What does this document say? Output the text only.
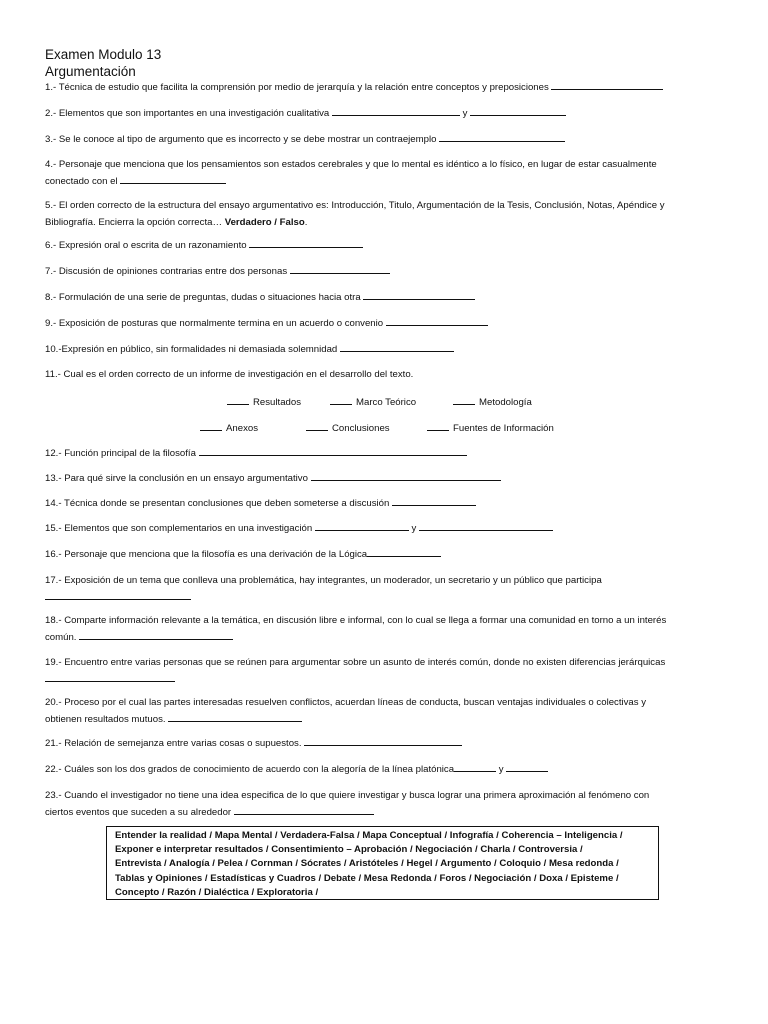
Examen Modulo 13
Argumentación
1.- Técnica de estudio que facilita la comprensión por medio de jerarquía y la relación entre conceptos y preposiciones
2.- Elementos que son importantes en una investigación cualitativa	y
3.- Se le conoce al tipo de argumento que es incorrecto y se debe mostrar un contraejemplo
4.- Personaje que menciona que los pensamientos son estados cerebrales y que lo mental es idéntico a lo físico, en lugar de estar casualmente
conectado con el
5.- El orden correcto de la estructura del ensayo argumentativo es: Introducción, Titulo, Argumentación de la Tesis, Conclusión, Notas, Apéndice y
Bibliografía. Encierra la opción correcta… Verdadero / Falso.
6.- Expresión oral o escrita de un razonamiento
7.- Discusión de opiniones contrarias entre dos personas
8.- Formulación de una serie de preguntas, dudas o situaciones hacia otra
9.- Exposición de posturas que normalmente termina en un acuerdo o convenio
10.-Expresión en público, sin formalidades ni demasiada solemnidad
11.- Cual es el orden correcto de un informe de investigación en el desarrollo del texto.
Resultados	Marco Teórico	Metodología
Anexos	Conclusiones	Fuentes de Información
12.- Función principal de la filosofía
13.- Para qué sirve la conclusión en un ensayo argumentativo
14.- Técnica donde se presentan conclusiones que deben someterse a discusión
15.- Elementos que son complementarios en una investigación	y
16.- Personaje que menciona que la filosofía es una derivación de la Lógica
17.- Exposición de un tema que conlleva una problemática, hay integrantes, un moderador, un secretario y un público que participa

18.- Comparte información relevante a la temática, en discusión libre e informal, con lo cual se llega a formar una comunidad en torno a un interés
común.
19.- Encuentro entre varias personas que se reúnen para argumentar sobre un asunto de interés común, donde no existen diferencias jerárquicas

20.- Proceso por el cual las partes interesadas resuelven conflictos, acuerdan líneas de conducta, buscan ventajas individuales o colectivas y
obtienen resultados mutuos.
21.- Relación de semejanza entre varias cosas o supuestos.
22.- Cuáles son los dos grados de conocimiento de acuerdo con la alegoría de la línea platónica	y
23.- Cuando el investigador no tiene una idea especifica de lo que quiere investigar y busca lograr una primera aproximación al fenómeno con
ciertos eventos que suceden a su alrededor
Entender la realidad / Mapa Mental / Verdadera-Falsa / Mapa Conceptual / Infografía / Coherencia – Inteligencia /
Exponer e interpretar resultados / Consentimiento – Aprobación / Negociación / Charla / Controversia /
Entrevista / Analogía / Pelea / Cornman / Sócrates / Aristóteles / Hegel / Argumento / Coloquio / Mesa redonda /
Tablas y Opiniones / Estadísticas y Cuadros / Debate / Mesa Redonda / Foros / Negociación / Doxa / Episteme /
Concepto / Razón / Dialéctica / Exploratoria /
